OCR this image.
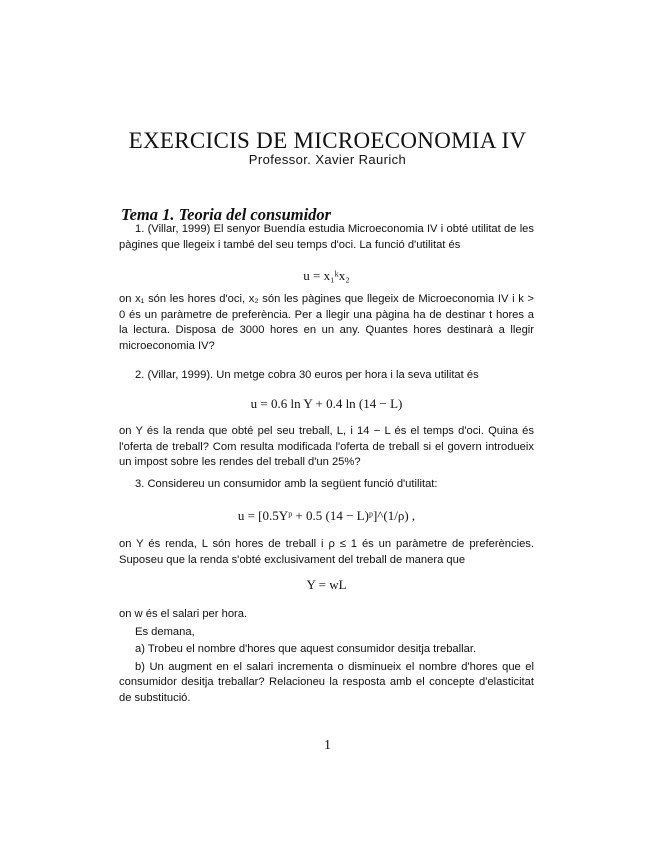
EXERCICIS DE MICROECONOMIA IV
Professor. Xavier Raurich
Tema 1. Teoria del consumidor

1. (Villar, 1999) El senyor Buendía estudia Microeconomia IV i obté utilitat de les pàgines que llegeix i també del seu temps d'oci. La funció d'utilitat és

u = x₁ᵏx₂

on x₁ són les hores d'oci, x₂ són les pàgines que llegeix de Microeconomia IV i k > 0 és un paràmetre de preferència. Per a llegir una pàgina ha de destinar t hores a la lectura. Disposa de 3000 hores en un any. Quantes hores destinarà a llegir microeconomia IV?

2. (Villar, 1999). Un metge cobra 30 euros per hora i la seva utilitat és

u = 0.6 ln Y + 0.4 ln (14 − L)

on Y és la renda que obté pel seu treball, L, i 14 − L és el temps d'oci. Quina és l'oferta de treball? Com resulta modificada l'oferta de treball si el govern introdueix un impost sobre les rendes del treball d'un 25%?

3. Considereu un consumidor amb la següent funció d'utilitat:

u = [0.5Yᵖ + 0.5 (14 − L)ᵖ]^(1/ρ) ,

on Y és renda, L són hores de treball i ρ ≤ 1 és un paràmetre de preferències. Suposeu que la renda s'obté exclusivament del treball de manera que

Y = wL

on w és el salari per hora.

Es demana,

a) Trobeu el nombre d'hores que aquest consumidor desitja treballar.

b) Un augment en el salari incrementa o disminueix el nombre d'hores que el consumidor desitja treballar? Relacioneu la resposta amb el concepte d'elasticitat de substitució.

1
